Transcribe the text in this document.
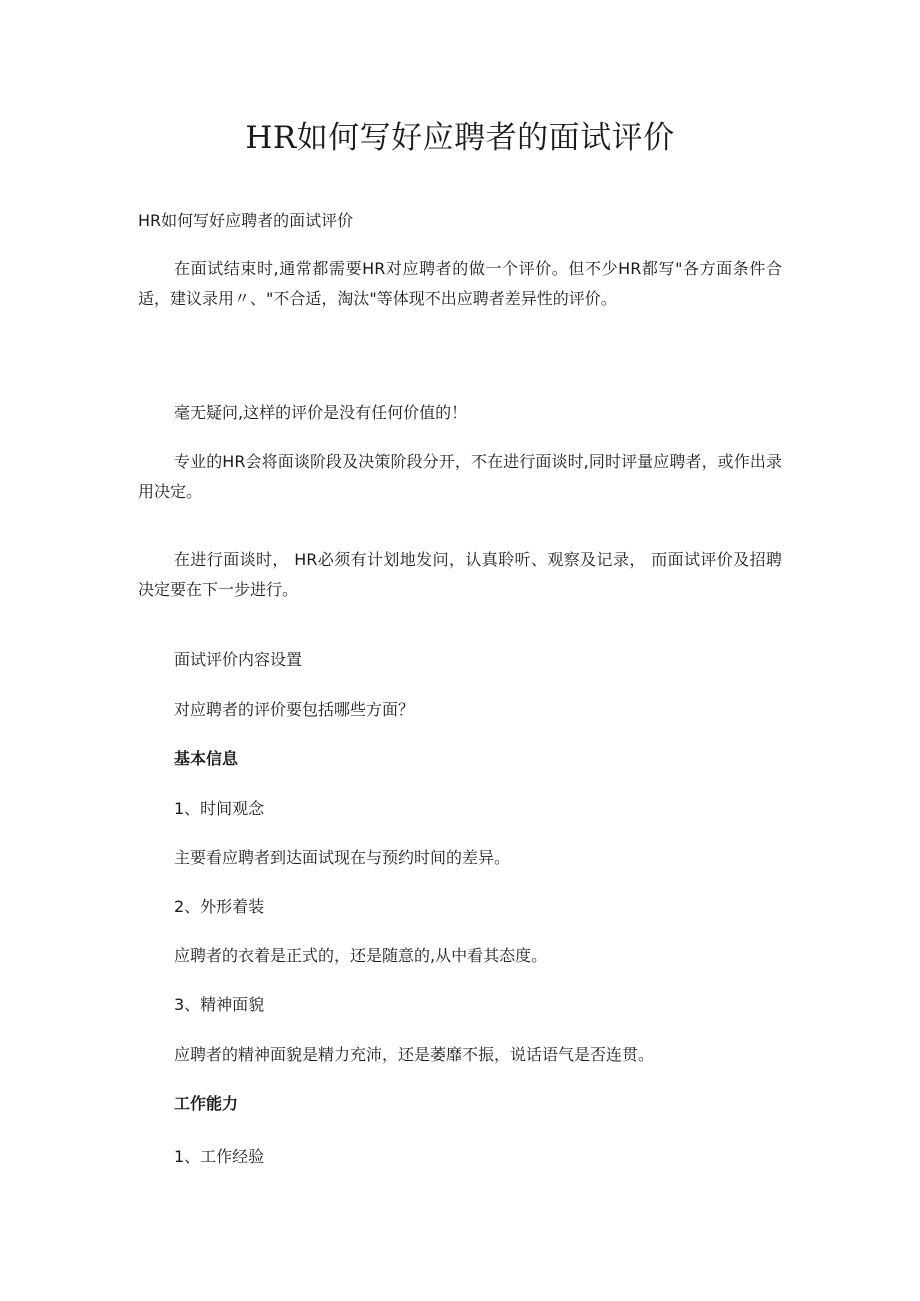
HR如何写好应聘者的面试评价

HR如何写好应聘者的面试评价

在面试结束时,通常都需要HR对应聘者的做一个评价。但不少HR都写"各方面条件合适，建议录用〃、"不合适，淘汰"等体现不出应聘者差异性的评价。

毫无疑问,这样的评价是没有任何价值的！

专业的HR会将面谈阶段及决策阶段分开，不在进行面谈时,同时评量应聘者，或作出录用决定。

在进行面谈时， HR必须有计划地发问，认真聆听、观察及记录， 而面试评价及招聘决定要在下一步进行。

面试评价内容设置

对应聘者的评价要包括哪些方面？

基本信息

1、时间观念

主要看应聘者到达面试现在与预约时间的差异。

2、外形着装

应聘者的衣着是正式的，还是随意的,从中看其态度。

3、精神面貌

应聘者的精神面貌是精力充沛，还是萎靡不振，说话语气是否连贯。

工作能力

1、工作经验
